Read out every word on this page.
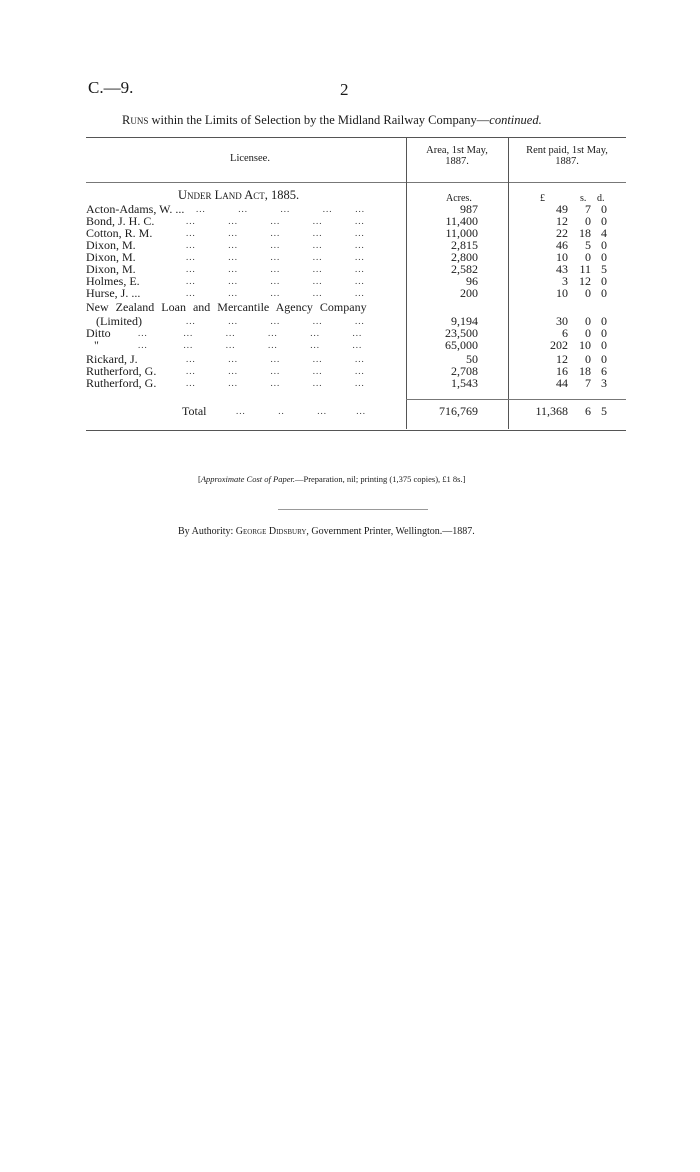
C.—9.	2
Runs within the Limits of Selection by the Midland Railway Company—continued.
Licensee.
Area, 1st May,
1887.
Rent paid, 1st May,
1887.
Under Land Act, 1885.	Acres.	£	s. d.
Acton-Adams, W. ... ...          ...          ...          ...       ...	987	49	7 0
Bond, J. H. C.	...          ...          ...          ...          ...	11,400	12	0 0
Cotton, R. M.	...          ...          ...          ...          ...	11,000	22 18 4
Dixon, M.	...          ...          ...          ...          ...	2,815	46	5 0
Dixon, M.	...          ...          ...          ...          ...	2,800	10	0 0
Dixon, M.	...          ...          ...          ...          ...	2,582	43 11 5
Holmes, E.	...          ...          ...          ...          ...	96	3 12 0
Hurse, J. ...	...          ...          ...          ...          ...	200	10	0 0
New Zealand Loan and Mercantile Agency Company
(Limited)	...          ...          ...          ...          ...	9,194	30	0 0
Ditto	...           ...          ...          ...          ...          ...	23,500	6	0 0
"	...           ...          ...          ...          ...          ...	65,000	202 10 0
Rickard, J.	...          ...          ...          ...          ...	50	12	0 0
Rutherford, G.	...          ...          ...          ...          ...	2,708	16 18 6
Rutherford, G.	...          ...          ...          ...          ...	1,543	44	7 3
Total	...          ..          ...         ...	716,769	11,368	6 5
[Approximate Cost of Paper.—Preparation, nil; printing (1,375 copies), £1 8s.]
By Authority: George Didsbury, Government Printer, Wellington.—1887.
